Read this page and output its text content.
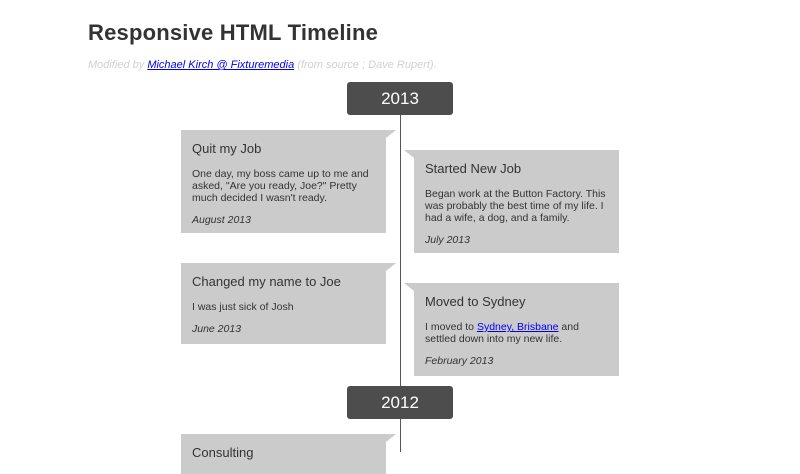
Responsive HTML Timeline
Modified by Michael Kirch @ Fixturemedia (from source ; Dave Rupert).
2013
Quit my Job
One day, my boss came up to me and asked, "Are you ready, Joe?" Pretty much decided I wasn't ready.
August 2013
Started New Job
Began work at the Button Factory. This was probably the best time of my life. I had a wife, a dog, and a family.
July 2013
Changed my name to Joe
I was just sick of Josh
June 2013
Moved to Sydney
I moved to Sydney, Brisbane and settled down into my new life.
February 2013
2012
Consulting
